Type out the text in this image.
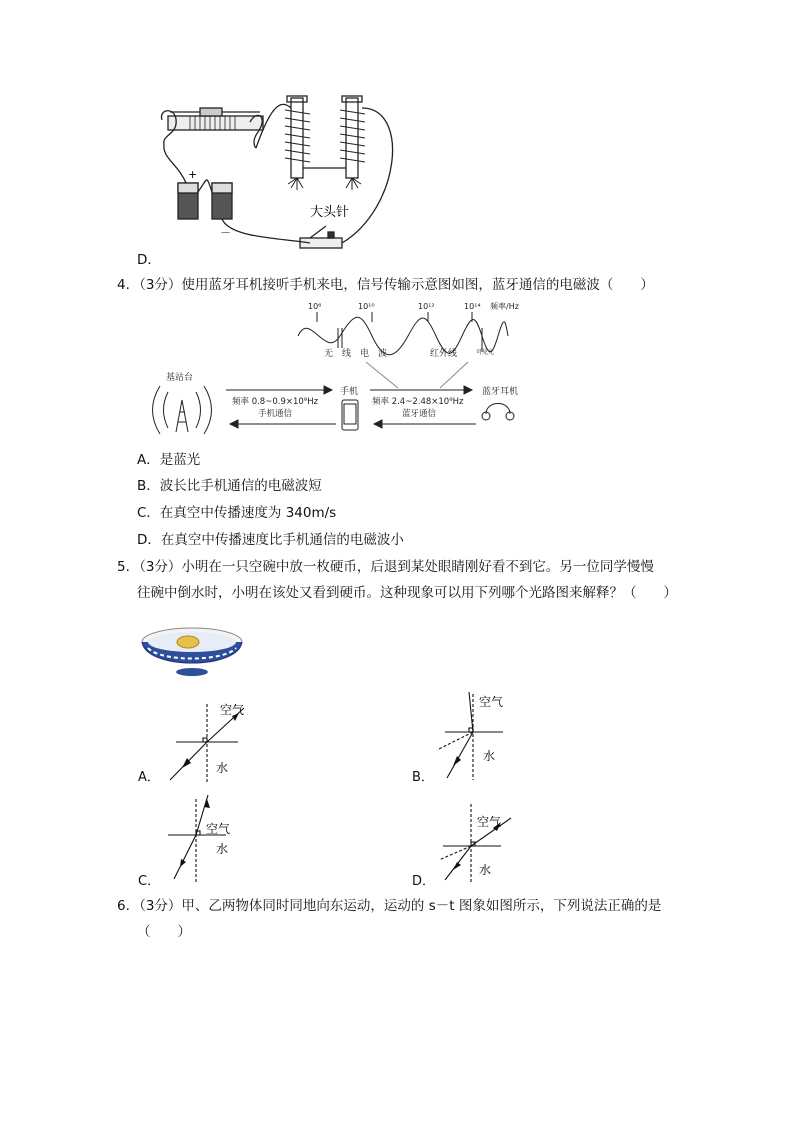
+
－
大头针
D．
4．（3分）使用蓝牙耳机接听手机来电，信号传输示意图如图，蓝牙通信的电磁波（　　）
10⁶	10¹⁰	10¹²	10¹⁴ 频率/Hz
无　线　电　波	红外线	可见光
基站台
手机	蓝牙耳机
频率 0.8~0.9×10⁹Hz
手机通信
频率 2.4~2.48×10⁹Hz
蓝牙通信
A．是蓝光
B．波长比手机通信的电磁波短
C．在真空中传播速度为 340m/s
D．在真空中传播速度比手机通信的电磁波小
5．（3分）小明在一只空碗中放一枚硬币，后退到某处眼睛刚好看不到它。另一位同学慢慢
往碗中倒水时，小明在该处又看到硬币。这种现象可以用下列哪个光路图来解释？（　　）
空气
水
A．
空气
水
B．
空气
水
C．
空气
水
D．
6．（3分）甲、乙两物体同时同地向东运动，运动的 s－t 图象如图所示，下列说法正确的是
（　　）
